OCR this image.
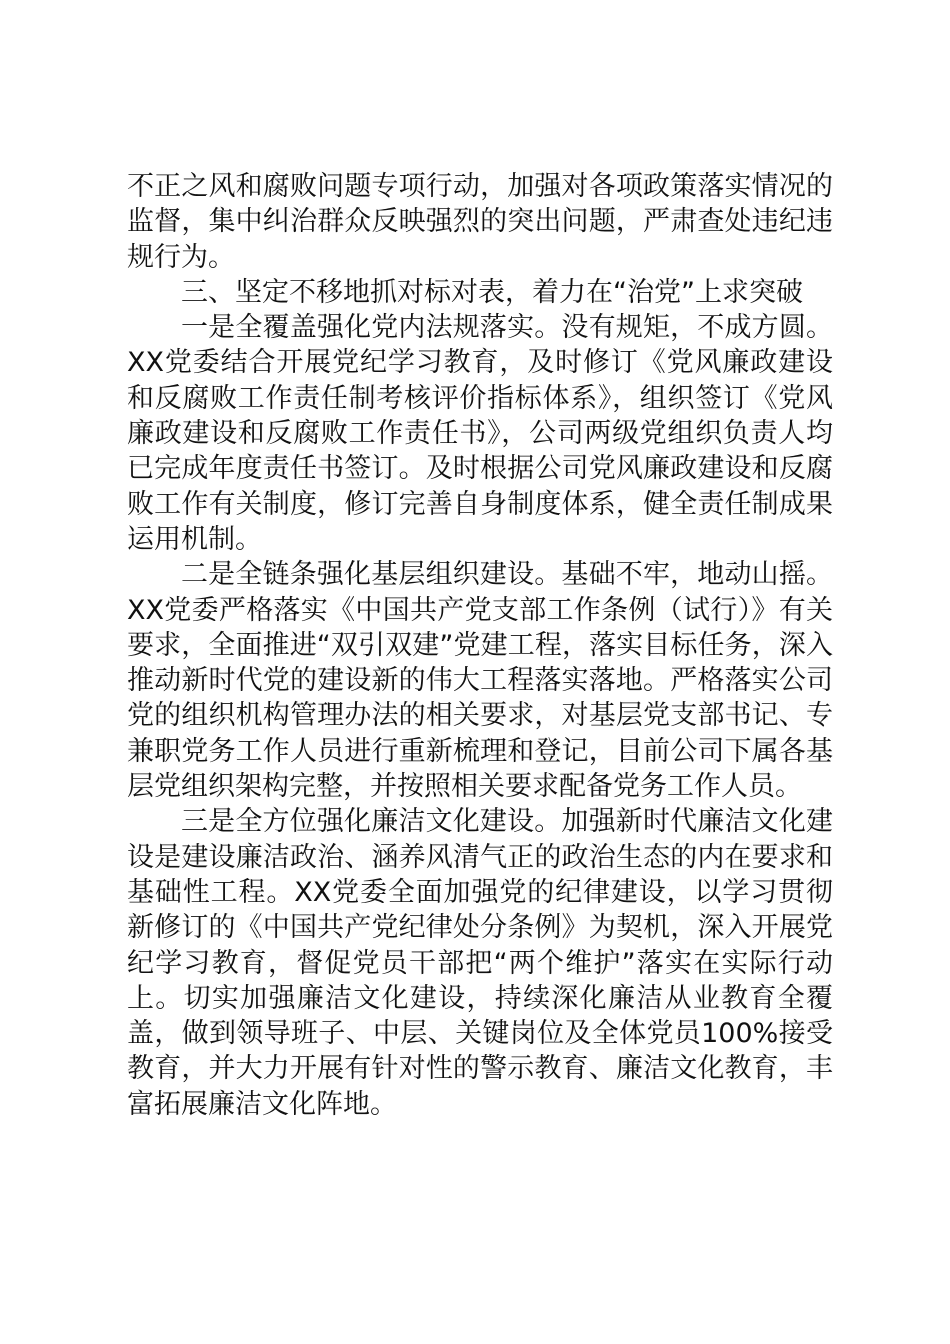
不正之风和腐败问题专项行动，加强对各项政策落实情况的监督，集中纠治群众反映强烈的突出问题，严肃查处违纪违规行为。

三、坚定不移地抓对标对表，着力在“治党”上求突破

一是全覆盖强化党内法规落实。没有规矩，不成方圆。XX党委结合开展党纪学习教育，及时修订《党风廉政建设和反腐败工作责任制考核评价指标体系》，组织签订《党风廉政建设和反腐败工作责任书》，公司两级党组织负责人均已完成年度责任书签订。及时根据公司党风廉政建设和反腐败工作有关制度，修订完善自身制度体系，健全责任制成果运用机制。

二是全链条强化基层组织建设。基础不牢，地动山摇。XX党委严格落实《中国共产党支部工作条例（试行）》有关要求，全面推进“双引双建”党建工程，落实目标任务，深入推动新时代党的建设新的伟大工程落实落地。严格落实公司党的组织机构管理办法的相关要求，对基层党支部书记、专兼职党务工作人员进行重新梳理和登记，目前公司下属各基层党组织架构完整，并按照相关要求配备党务工作人员。

三是全方位强化廉洁文化建设。加强新时代廉洁文化建设是建设廉洁政治、涵养风清气正的政治生态的内在要求和基础性工程。XX党委全面加强党的纪律建设，以学习贯彻新修订的《中国共产党纪律处分条例》为契机，深入开展党纪学习教育，督促党员干部把“两个维护”落实在实际行动上。切实加强廉洁文化建设，持续深化廉洁从业教育全覆盖，做到领导班子、中层、关键岗位及全体党员100%接受教育，并大力开展有针对性的警示教育、廉洁文化教育，丰富拓展廉洁文化阵地。
